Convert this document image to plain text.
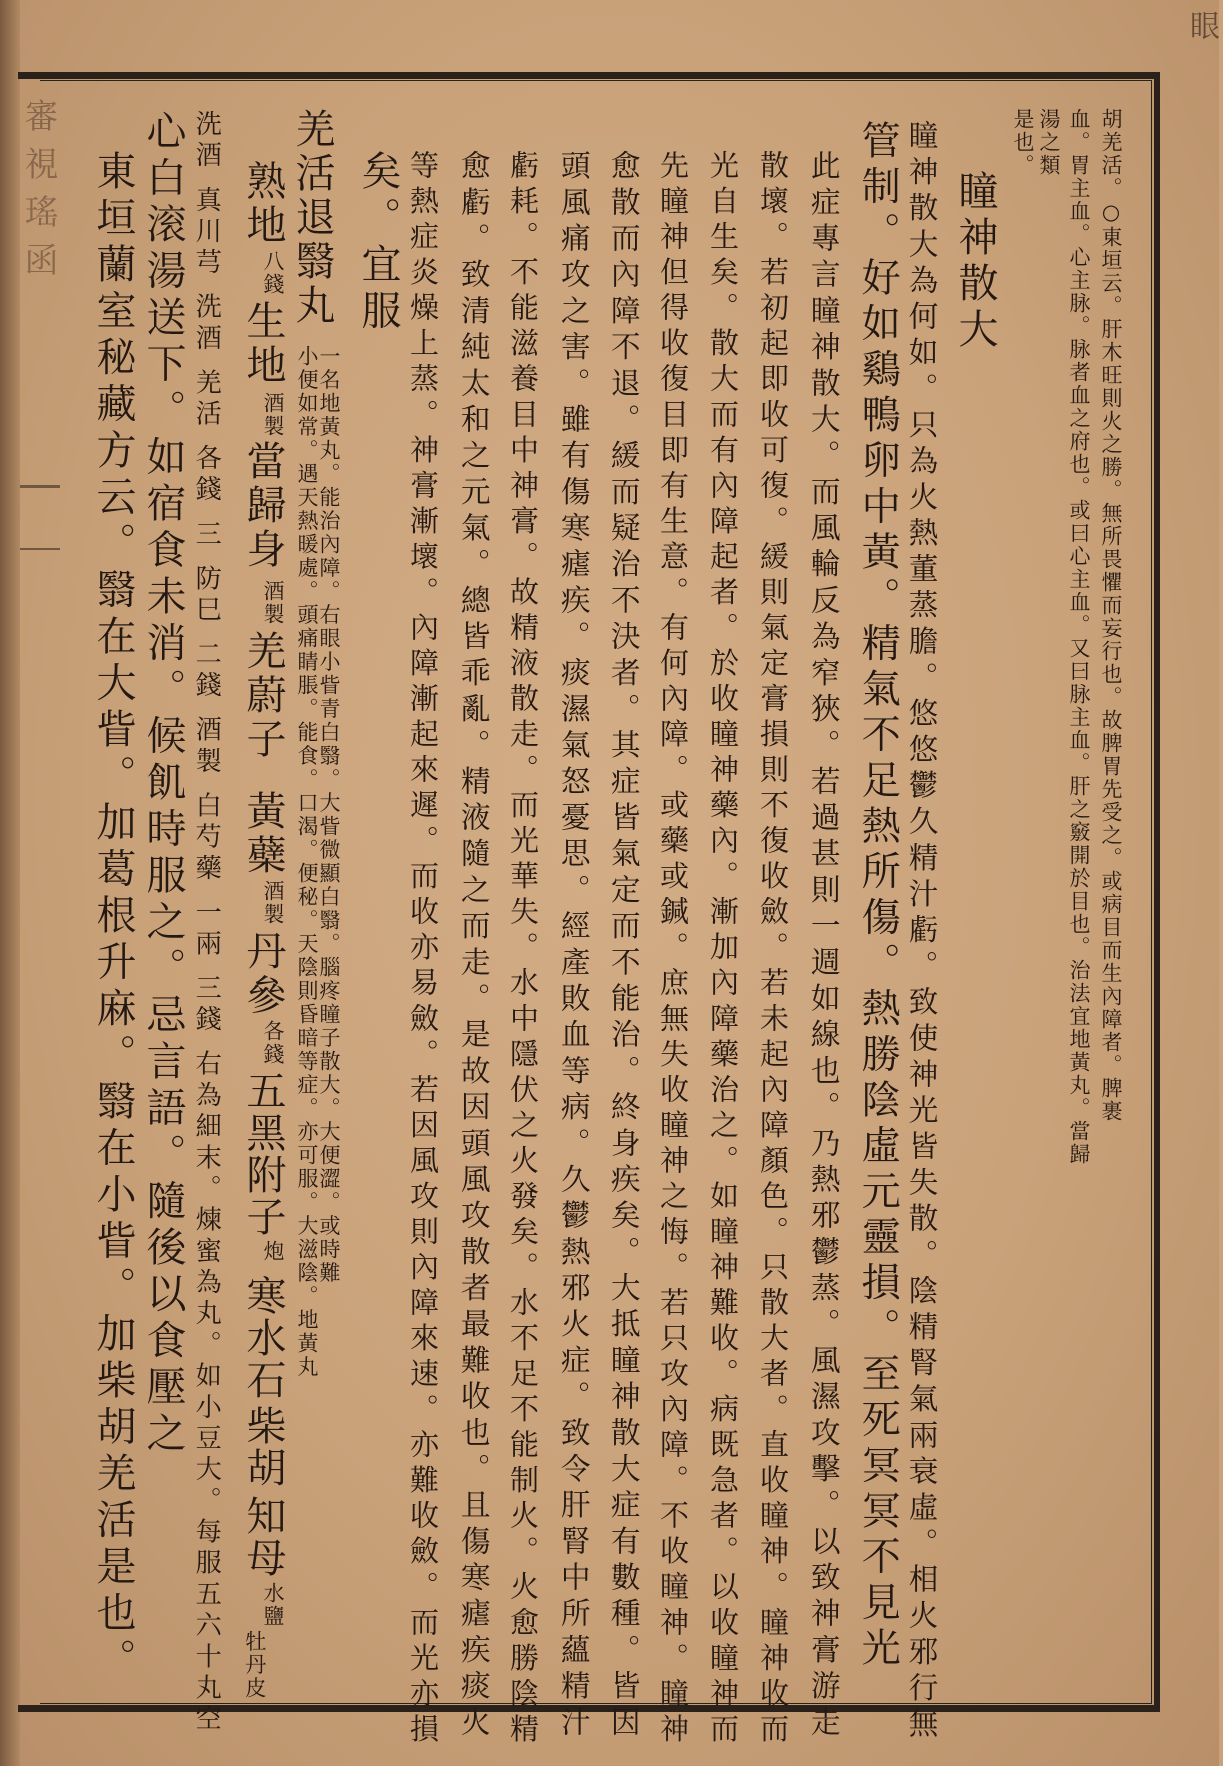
審視瑤函
眼
胡羌活。○東垣云。肝木旺則火之勝。無所畏懼而妄行也。故脾胃先受之。或病目而生內障者。脾裹
血。胃主血。心主脉。脉者血之府也。或曰心主血。又曰脉主血。肝之竅開於目也。治法宜地黃丸。當歸
湯之類
是也。
瞳神散大
瞳神散大為何如。只為火熱董蒸膽。悠悠鬱久精汁虧。致使神光皆失散。陰精腎氣兩衰虛。相火邪行無
管制。好如鷄鴨卵中黃。精氣不足熱所傷。熱勝陰虛元靈損。至死冥冥不見光
此症專言瞳神散大。而風輪反為窄狹。若過甚則一週如線也。乃熱邪鬱蒸。風濕攻擊。以致神膏游走
散壞。若初起即收可復。緩則氣定膏損則不復收斂。若未起內障顏色。只散大者。直收瞳神。瞳神收而
光自生矣。散大而有內障起者。於收瞳神藥內。漸加內障藥治之。如瞳神難收。病既急者。以收瞳神而
先瞳神但得收復目即有生意。有何內障。或藥或鍼。庶無失收瞳神之悔。若只攻內障。不收瞳神。瞳神
愈散而內障不退。緩而疑治不決者。其症皆氣定而不能治。終身疾矣。大抵瞳神散大症有數種。皆因
頭風痛攻之害。雖有傷寒瘧疾。痰濕氣怒憂思。經產敗血等病。久鬱熱邪火症。致令肝腎中所蘊精汁
虧耗。不能滋養目中神膏。故精液散走。而光華失。水中隱伏之火發矣。水不足不能制火。火愈勝陰精
愈虧。致清純太和之元氣。總皆乖亂。精液隨之而走。是故因頭風攻散者最難收也。且傷寒瘧疾痰火
等熱症炎燥上蒸。神膏漸壞。內障漸起來遲。而收亦易斂。若因風攻則內障來速。亦難收斂。而光亦損
矣。宜服
羌活退翳丸
一名地黃丸。能治內障。右眼小眥青白翳。大眥微顯白翳。腦疼瞳子散大。大便澀。或時難
小便如常。遇天熱暖處。頭痛睛脹。能食。口渴。便秘。天陰則昏暗等症。亦可服。大滋陰。地黃丸
熟地
八錢
生地
酒製
當歸身
酒製
羌蔚子
黃蘗
酒製
丹參
各錢
五黑附子
炮
寒水石
柴胡
知母
水鹽
牡丹皮
洗酒 真川芎 洗酒 羌活 各錢 三 防巳 二錢 酒製 白芍藥 一兩 三錢 右為細末。煉蜜為丸。如小豆大。每服五六十丸空
心白滚湯送下。如宿食未消。候飢時服之。忌言語。隨後以食壓之
東垣蘭室秘藏方云。翳在大眥。加葛根升麻。翳在小眥。加柴胡羌活是也。
